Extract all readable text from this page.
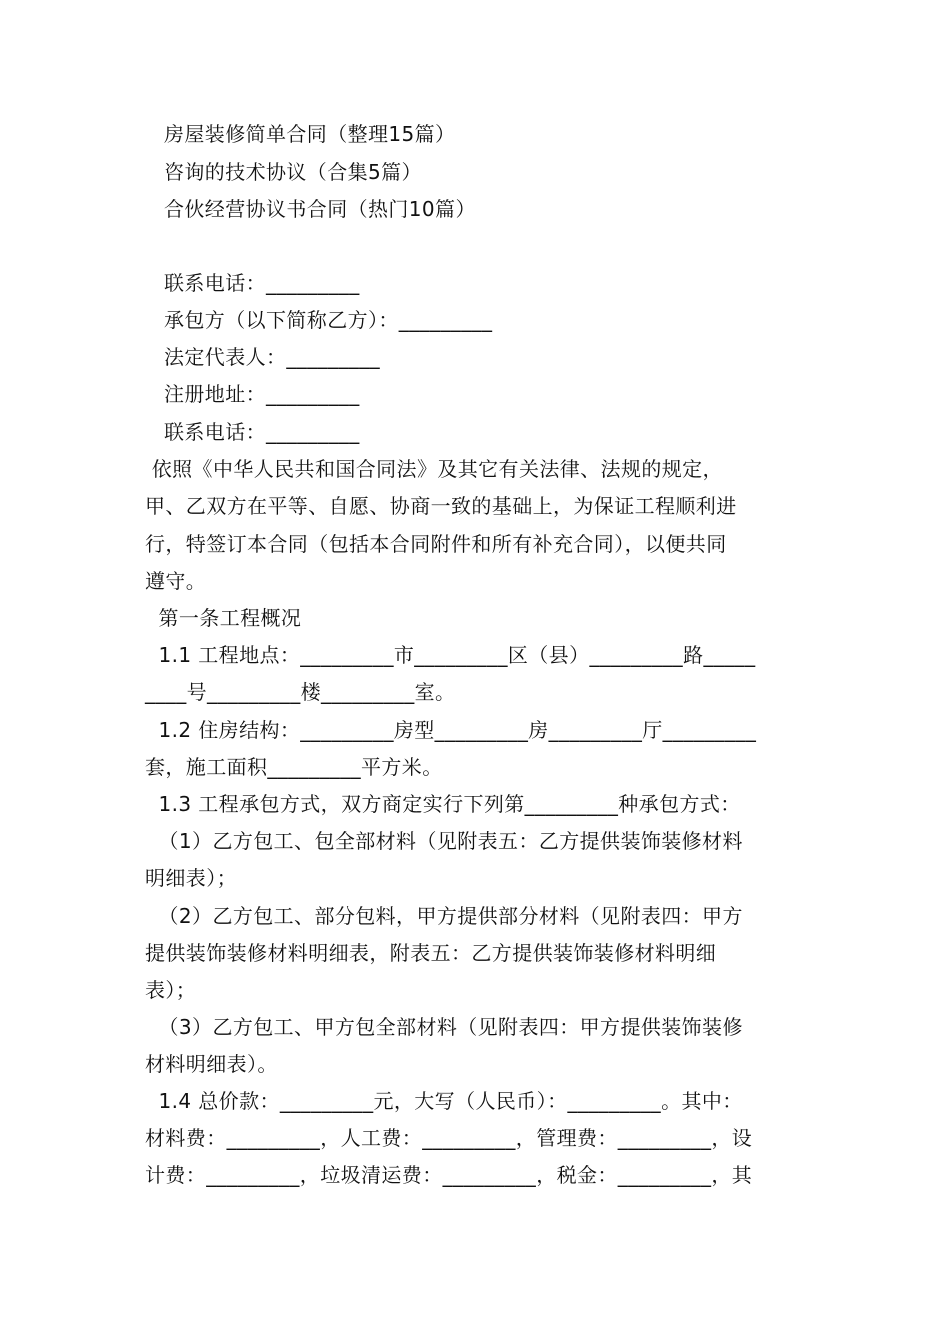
房屋装修简单合同（整理15篇）
咨询的技术协议（合集5篇）
合伙经营协议书合同（热门10篇）
联系电话：_________
承包方（以下简称乙方）：_________
法定代表人：_________
注册地址：_________
联系电话：_________
依照《中华人民共和国合同法》及其它有关法律、法规的规定，
甲、乙双方在平等、自愿、协商一致的基础上，为保证工程顺利进
行，特签订本合同（包括本合同附件和所有补充合同），以便共同
遵守。
第一条工程概况
1.1 工程地点：_________市_________区（县）_________路_____
____号_________楼_________室。
1.2 住房结构：_________房型_________房_________厅_________
套，施工面积_________平方米。
1.3 工程承包方式，双方商定实行下列第_________种承包方式：
（1）乙方包工、包全部材料（见附表五：乙方提供装饰装修材料
明细表）；
（2）乙方包工、部分包料，甲方提供部分材料（见附表四：甲方
提供装饰装修材料明细表，附表五：乙方提供装饰装修材料明细
表）；
（3）乙方包工、甲方包全部材料（见附表四：甲方提供装饰装修
材料明细表）。
1.4 总价款：_________元，大写（人民币）：_________。其中：
材料费：_________，人工费：_________，管理费：_________，设
计费：_________，垃圾清运费：_________，税金：_________，其
